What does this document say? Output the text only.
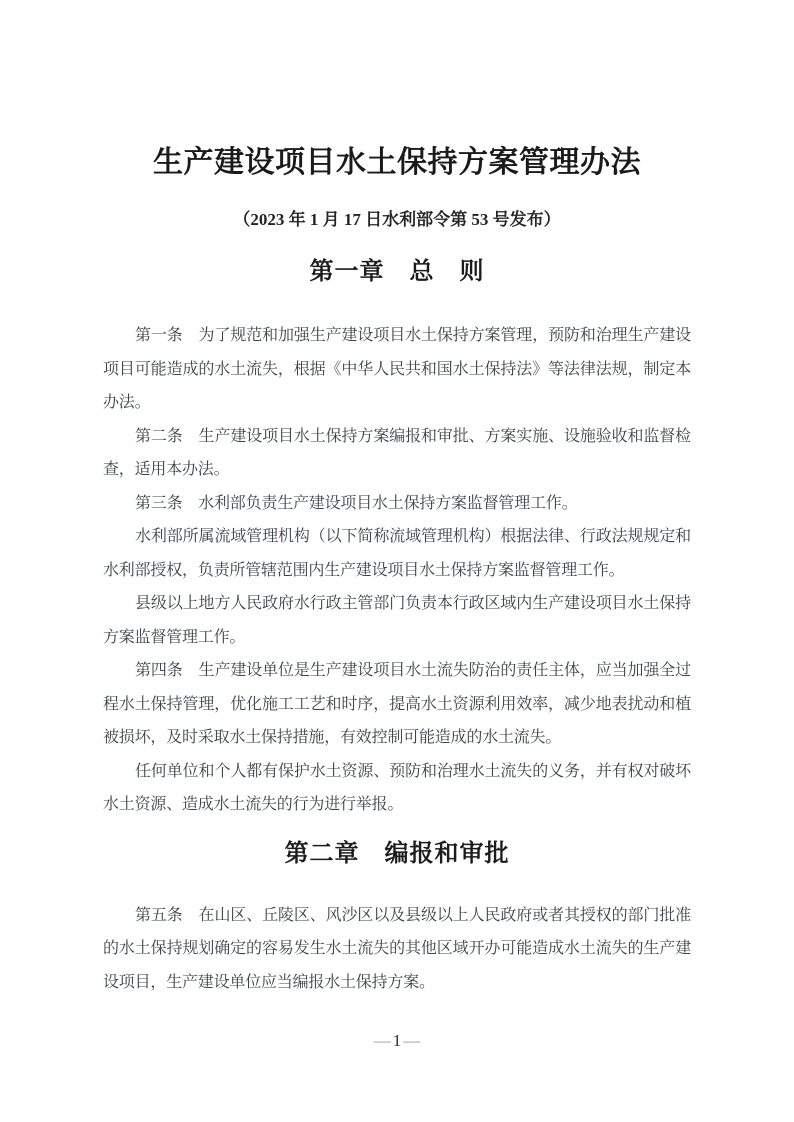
生产建设项目水土保持方案管理办法
（2023 年 1 月 17 日水利部令第 53 号发布）
第一章　总　则

第一条　为了规范和加强生产建设项目水土保持方案管理，预防和治理生产建设项目可能造成的水土流失，根据《中华人民共和国水土保持法》等法律法规，制定本办法。

第二条　生产建设项目水土保持方案编报和审批、方案实施、设施验收和监督检查，适用本办法。

第三条　水利部负责生产建设项目水土保持方案监督管理工作。

水利部所属流域管理机构（以下简称流域管理机构）根据法律、行政法规规定和水利部授权，负责所管辖范围内生产建设项目水土保持方案监督管理工作。

县级以上地方人民政府水行政主管部门负责本行政区域内生产建设项目水土保持方案监督管理工作。

第四条　生产建设单位是生产建设项目水土流失防治的责任主体，应当加强全过程水土保持管理，优化施工工艺和时序，提高水土资源利用效率，减少地表扰动和植被损坏，及时采取水土保持措施，有效控制可能造成的水土流失。

任何单位和个人都有保护水土资源、预防和治理水土流失的义务，并有权对破坏水土资源、造成水土流失的行为进行举报。

第二章　编报和审批

第五条　在山区、丘陵区、风沙区以及县级以上人民政府或者其授权的部门批准的水土保持规划确定的容易发生水土流失的其他区域开办可能造成水土流失的生产建设项目，生产建设单位应当编报水土保持方案。

— 1 —
